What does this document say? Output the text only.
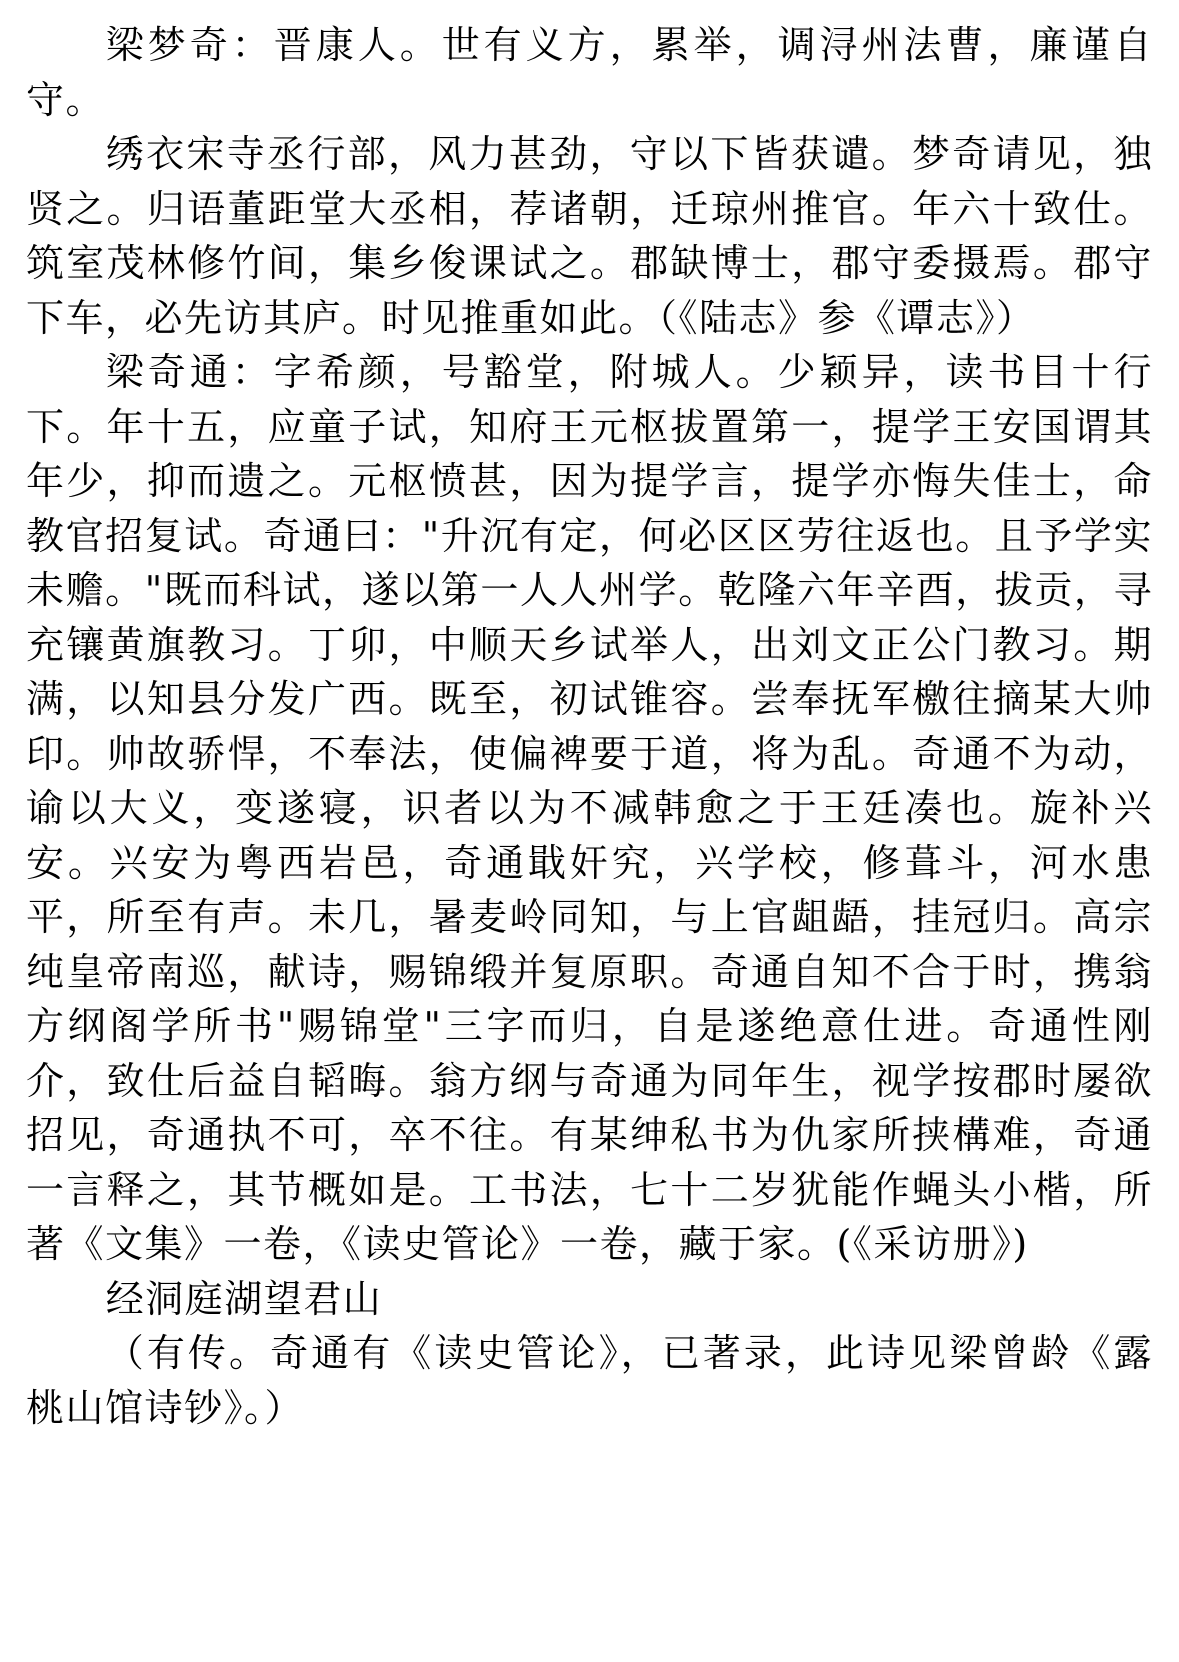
梁梦奇：晋康人。世有义方，累举，调浔州法曹，廉谨自守。

绣衣宋寺丞行部，风力甚劲，守以下皆获谴。梦奇请见，独贤之。归语董距堂大丞相，荐诸朝，迁琼州推官。年六十致仕。筑室茂林修竹间，集乡俊课试之。郡缺博士，郡守委摄焉。郡守下车，必先访其庐。时见推重如此。（《陆志》参《谭志》）

梁奇通：字希颜，号豁堂，附城人。少颖异，读书目十行下。年十五，应童子试，知府王元枢拔置第一，提学王安国谓其年少，抑而遗之。元枢愤甚，因为提学言，提学亦悔失佳士，命教官招复试。奇通曰："升沉有定，何必区区劳往返也。且予学实未赡。"既而科试，遂以第一人人州学。乾隆六年辛酉，拔贡，寻充镶黄旗教习。丁卯，中顺天乡试举人，出刘文正公门教习。期满，以知县分发广西。既至，初试锥容。尝奉抚军檄往摘某大帅印。帅故骄悍，不奉法，使偏裨要于道，将为乱。奇通不为动，谕以大义，变遂寝，识者以为不减韩愈之于王廷凑也。旋补兴安。兴安为粤西岩邑，奇通戢奸究，兴学校，修葺斗，河水患平，所至有声。未几，暑麦岭同知，与上官龃龉，挂冠归。高宗纯皇帝南巡，献诗，赐锦缎并复原职。奇通自知不合于时，携翁方纲阁学所书"赐锦堂"三字而归，自是遂绝意仕进。奇通性刚介，致仕后益自韬晦。翁方纲与奇通为同年生，视学按郡时屡欲招见，奇通执不可，卒不往。有某绅私书为仇家所挟構难，奇通一言释之，其节概如是。工书法，七十二岁犹能作蝇头小楷，所著《文集》一卷，《读史管论》一卷，藏于家。(《采访册》)

经洞庭湖望君山

（有传。奇通有《读史管论》，已著录，此诗见梁曾龄《露桃山馆诗钞》。）
